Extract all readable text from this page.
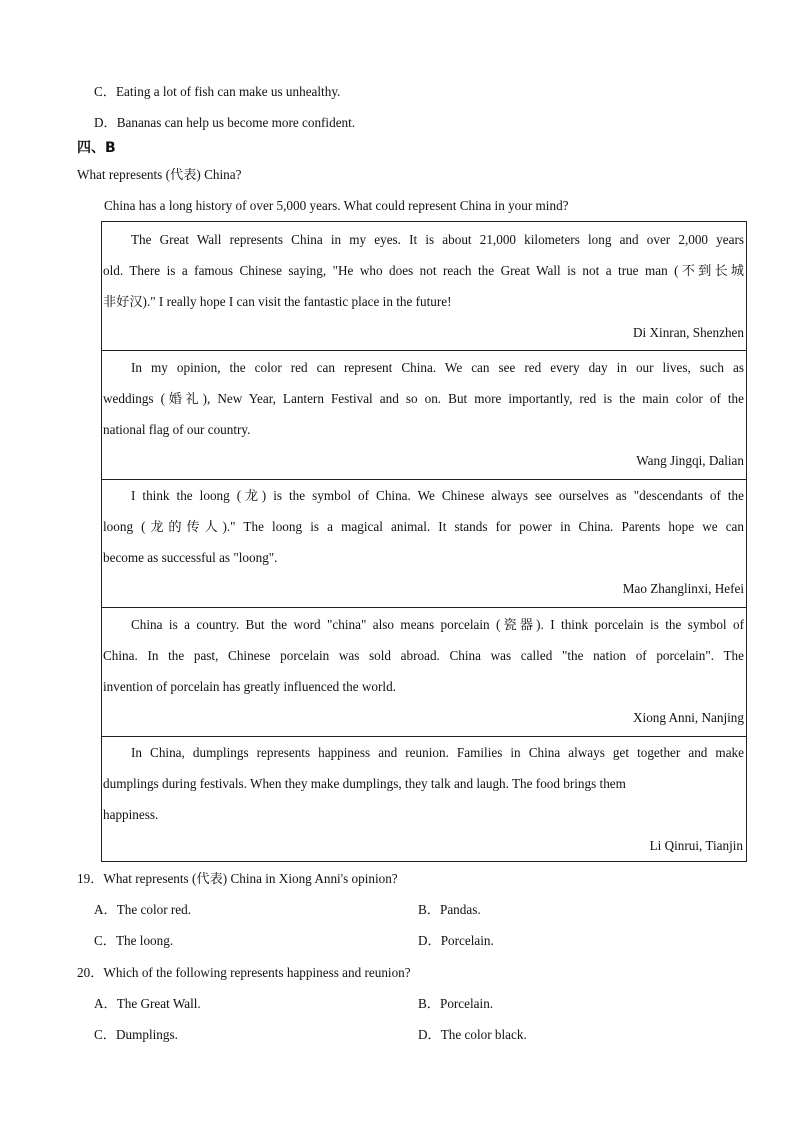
C．Eating a lot of fish can make us unhealthy.
D．Bananas can help us become more confident.
四、B
What represents (代表) China?
China has a long history of over 5,000 years. What could represent China in your mind?
The Great Wall represents China in my eyes. It is about 21,000 kilometers long and over 2,000 years
old. There is a famous Chinese saying, "He who does not reach the Great Wall is not a true man (不到长城
非好汉)." I really hope I can visit the fantastic place in the future!
Di Xinran, Shenzhen
In my opinion, the color red can represent China. We can see red every day in our lives, such as
weddings (婚礼), New Year, Lantern Festival and so on. But more importantly, red is the main color of the
national flag of our country.
Wang Jingqi, Dalian
I think the loong (龙) is the symbol of China. We Chinese always see ourselves as "descendants of the
loong (龙的传人)." The loong is a magical animal. It stands for power in China. Parents hope we can
become as successful as "loong".
Mao Zhanglinxi, Hefei
China is a country. But the word "china" also means porcelain (瓷器). I think porcelain is the symbol of
China. In the past, Chinese porcelain was sold abroad. China was called "the nation of porcelain". The
invention of porcelain has greatly influenced the world.
Xiong Anni, Nanjing
In China, dumplings represents happiness and reunion. Families in China always get together and make
dumplings during festivals. When they make dumplings, they talk and laugh. The food brings them
happiness.
Li Qinrui, Tianjin
19．What represents (代表) China in Xiong Anni's opinion?
A．The color red.	B．Pandas.
C．The loong.	D．Porcelain.
20．Which of the following represents happiness and reunion?
A．The Great Wall.	B．Porcelain.
C．Dumplings.	D．The color black.
